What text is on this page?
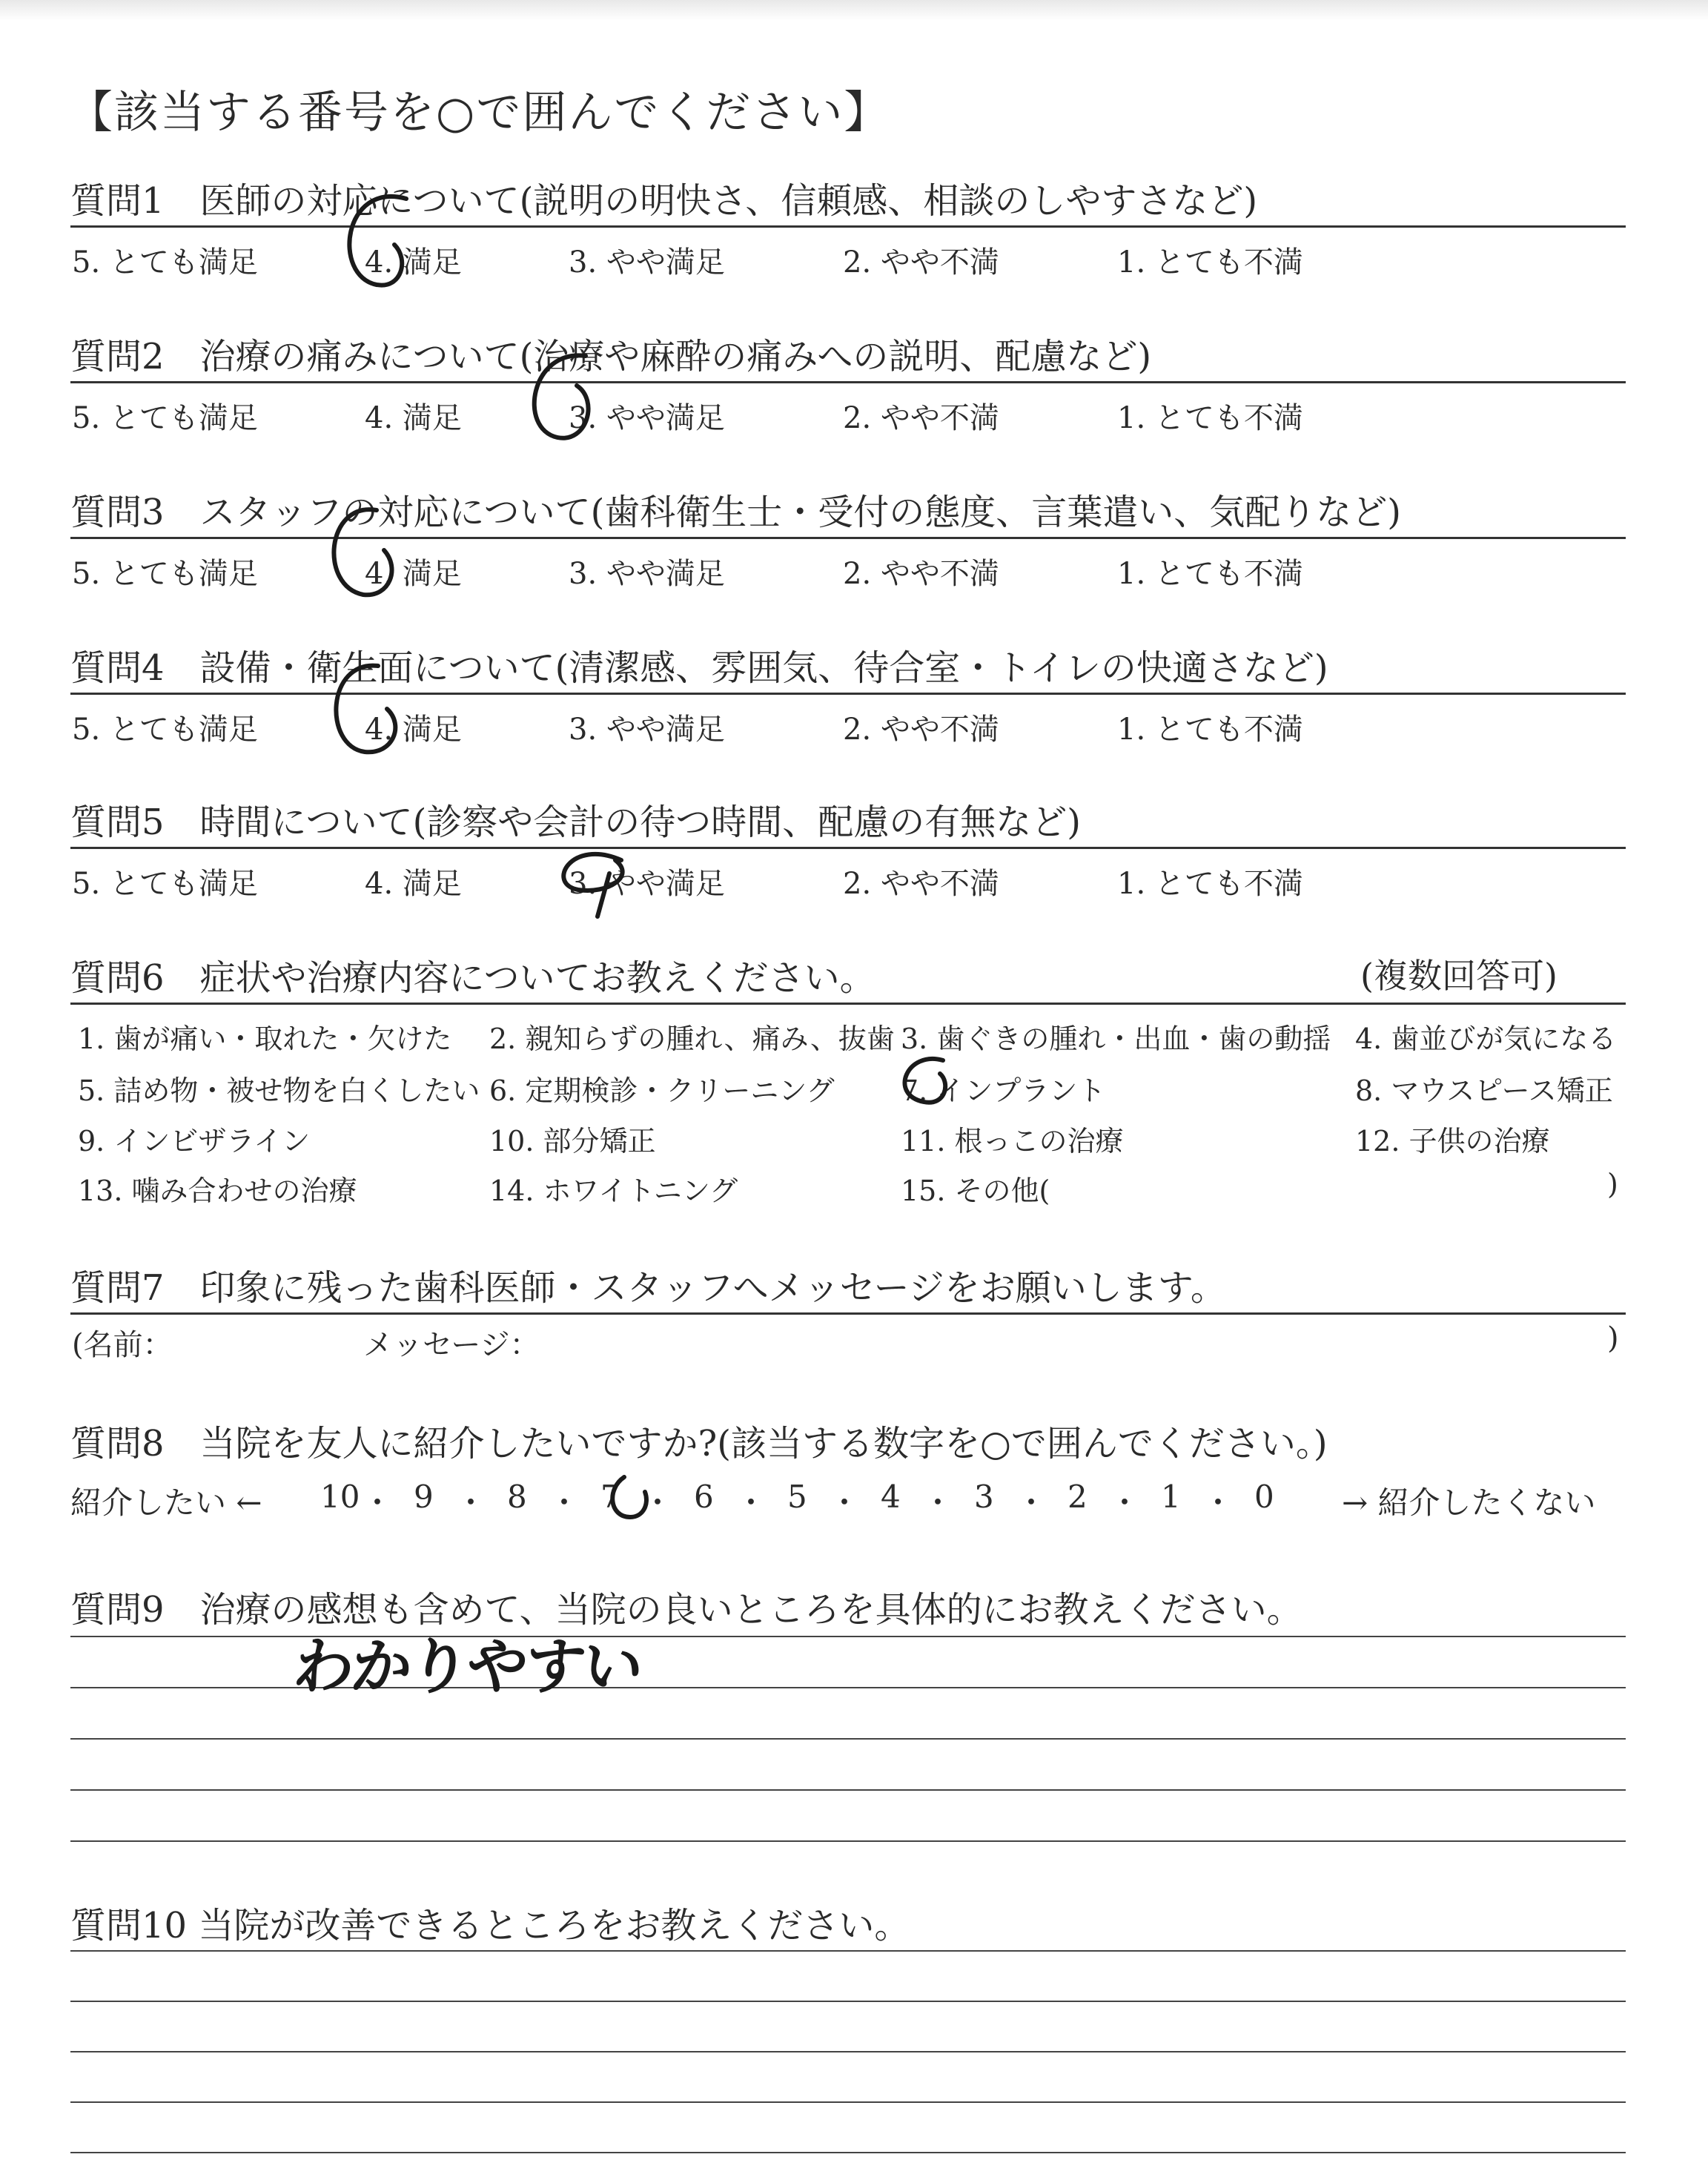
【該当する番号を○で囲んでください】
質問1　医師の対応について(説明の明快さ、信頼感、相談のしやすさなど)
5. とても満足	4. 満足	3. やや満足	2. やや不満	1. とても不満
質問2　治療の痛みについて(治療や麻酔の痛みへの説明、配慮など)
5. とても満足	4. 満足	3. やや満足	2. やや不満	1. とても不満
質問3　スタッフの対応について(歯科衛生士・受付の態度、言葉遣い、気配りなど)
5. とても満足	4. 満足	3. やや満足	2. やや不満	1. とても不満
質問4　設備・衛生面について(清潔感、雰囲気、待合室・トイレの快適さなど)
5. とても満足	4. 満足	3. やや満足	2. やや不満	1. とても不満
質問5　時間について(診察や会計の待つ時間、配慮の有無など)
5. とても満足	4. 満足	3. やや満足	2. やや不満	1. とても不満
質問6　症状や治療内容についてお教えください。	(複数回答可)
1. 歯が痛い・取れた・欠けた 2. 親知らずの腫れ、痛み、抜歯 3. 歯ぐきの腫れ・出血・歯の動揺 4. 歯並びが気になる
5. 詰め物・被せ物を白くしたい 6. 定期検診・クリーニング 7. インプラント	8. マウスピース矯正
9. インビザライン	10. 部分矯正	11. 根っこの治療	12. 子供の治療
13. 噛み合わせの治療	14. ホワイトニング	15. その他(	)
質問7　印象に残った歯科医師・スタッフへメッセージをお願いします。
(名前：	メッセージ：	)
質問8　当院を友人に紹介したいですか?(該当する数字を○で囲んでください。)
紹介したい ← 10 ・ 9 ・ 8 ・ 7 ・ 6 ・ 5 ・ 4 ・ 3 ・ 2 ・ 1 ・ 0 → 紹介したくない
質問9　治療の感想も含めて、当院の良いところを具体的にお教えください。
わかりやすい
質問10 当院が改善できるところをお教えください。
